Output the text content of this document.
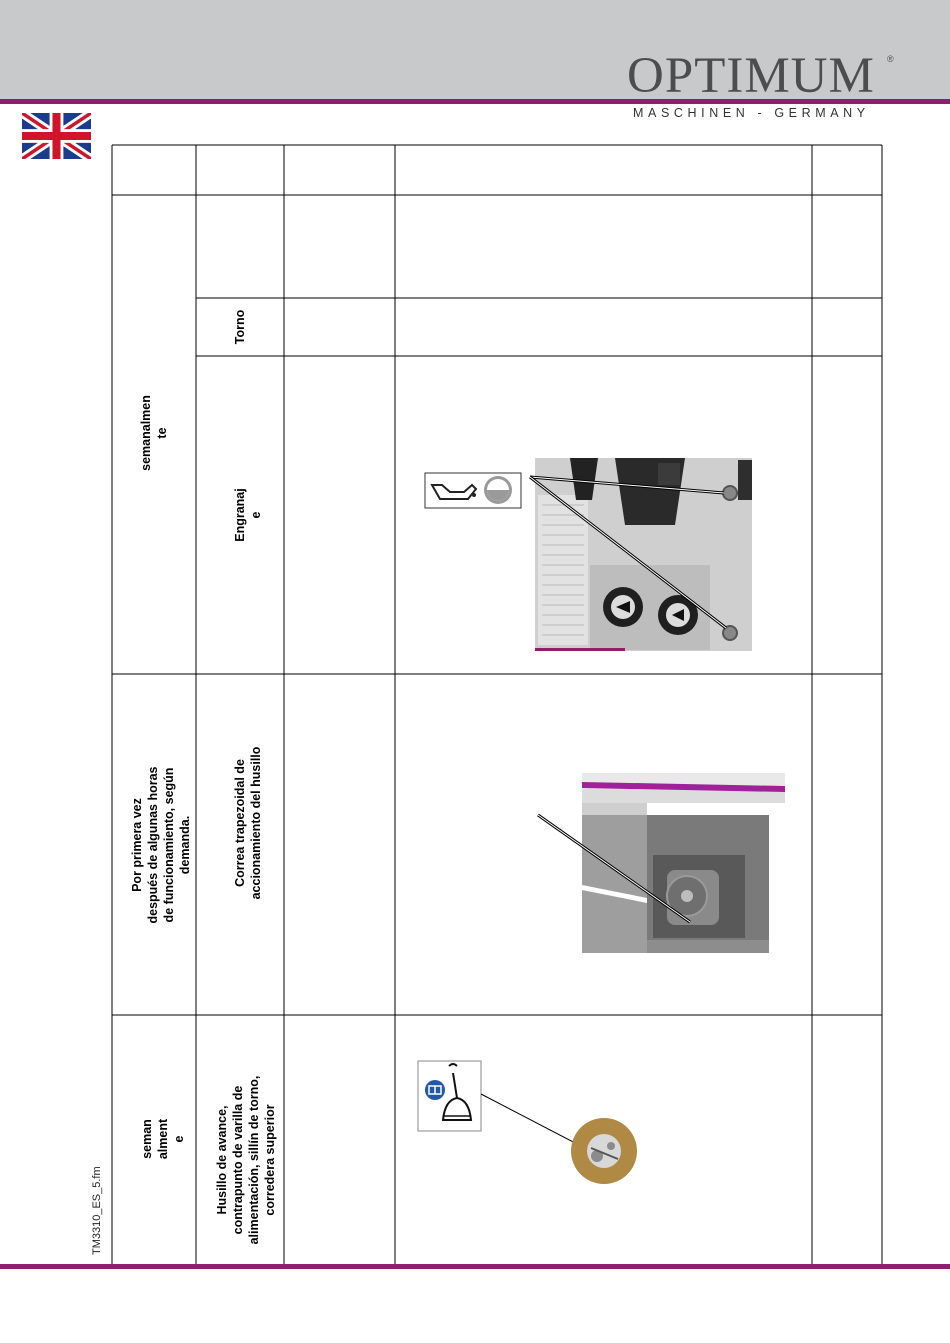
OPTIMUM ®
MASCHINEN - GERMANY
TM3310_ES_5.fm
semanalmen te
Torno
Engranaj e
Por primera vez después de algunas horas de funcionamiento, según demanda.	Correa trapezoidal de accionamiento del husillo
seman alment e Husillo de avance, contrapunto de varilla de alimentación, sillín de torno, corredera superior
